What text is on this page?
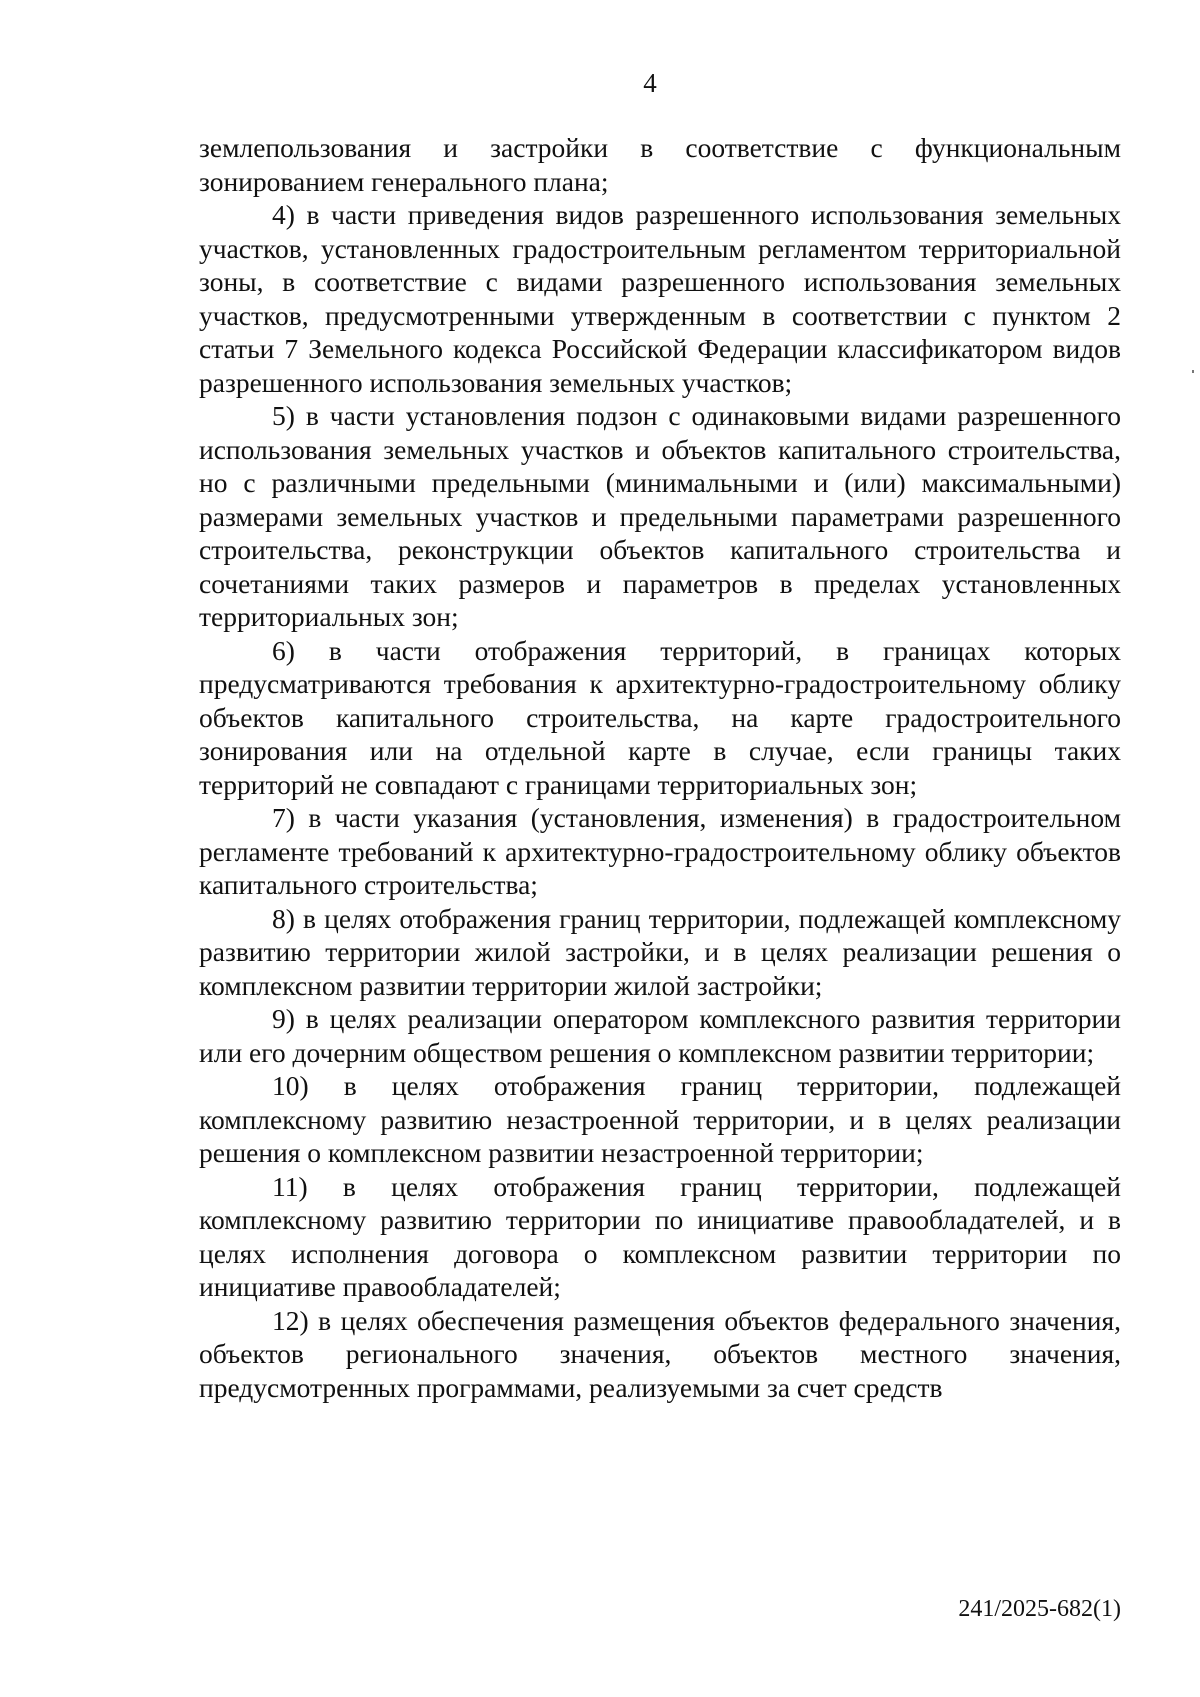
4

землепользования и застройки в соответствие с функциональным зонированием генерального плана;

4) в части приведения видов разрешенного использования земельных участков, установленных градостроительным регламентом территориальной зоны, в соответствие с видами разрешенного использования земельных участков, предусмотренными утвержденным в соответствии с пунктом 2 статьи 7 Земельного кодекса Российской Федерации классификатором видов разрешенного использования земельных участков;

5) в части установления подзон с одинаковыми видами разрешенного использования земельных участков и объектов капитального строительства, но с различными предельными (минимальными и (или) максимальными) размерами земельных участков и предельными параметрами разрешенного строительства, реконструкции объектов капитального строительства и сочетаниями таких размеров и параметров в пределах установленных территориальных зон;

6) в части отображения территорий, в границах которых предусматриваются требования к архитектурно-градостроительному облику объектов капитального строительства, на карте градостроительного зонирования или на отдельной карте в случае, если границы таких территорий не совпадают с границами территориальных зон;

7) в части указания (установления, изменения) в градостроительном регламенте требований к архитектурно-градостроительному облику объектов капитального строительства;

8) в целях отображения границ территории, подлежащей комплексному развитию территории жилой застройки, и в целях реализации решения о комплексном развитии территории жилой застройки;

9) в целях реализации оператором комплексного развития территории или его дочерним обществом решения о комплексном развитии территории;

10) в целях отображения границ территории, подлежащей комплексному развитию незастроенной территории, и в целях реализации решения о комплексном развитии незастроенной территории;

11) в целях отображения границ территории, подлежащей комплексному развитию территории по инициативе правообладателей, и в целях исполнения договора о комплексном развитии территории по инициативе правообладателей;

12) в целях обеспечения размещения объектов федерального значения, объектов регионального значения, объектов местного значения, предусмотренных программами, реализуемыми за счет средств

241/2025-682(1)
